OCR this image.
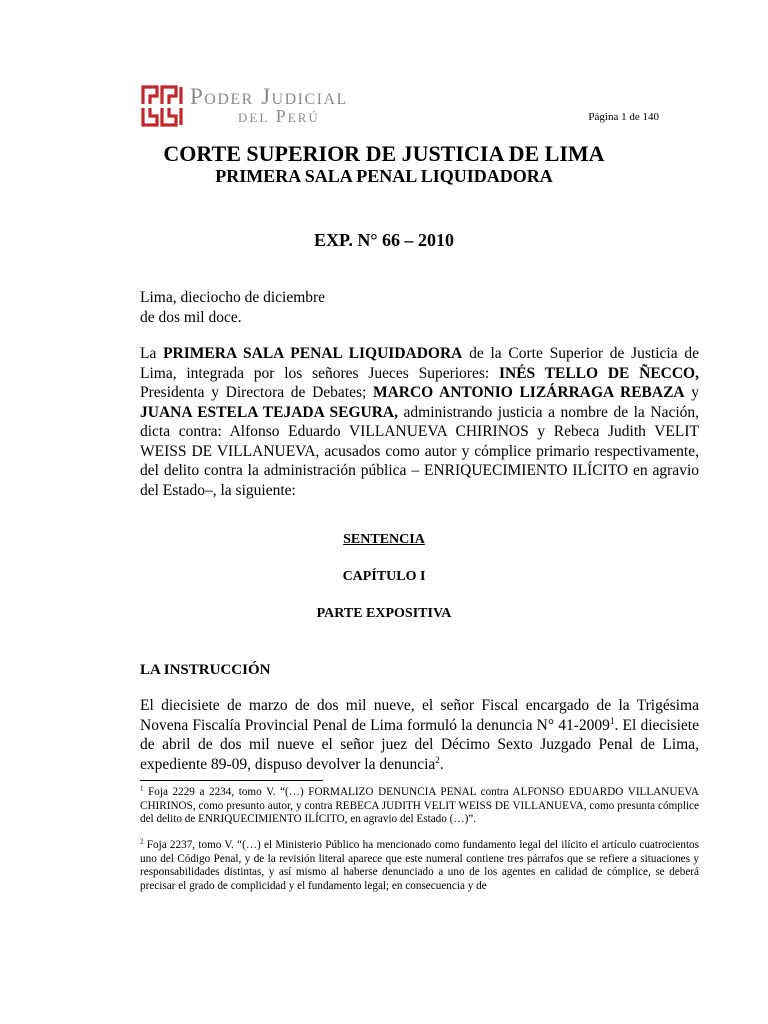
Poder Judicial
del Perú	Página 1 de 140
CORTE SUPERIOR DE JUSTICIA DE LIMA
PRIMERA SALA PENAL LIQUIDADORA
EXP. N° 66 – 2010
Lima, dieciocho de diciembre
de dos mil doce.
La PRIMERA SALA PENAL LIQUIDADORA de la Corte Superior de Justicia de Lima, integrada por los señores Jueces Superiores: INÉS TELLO DE ÑECCO, Presidenta y Directora de Debates; MARCO ANTONIO LIZÁRRAGA REBAZA y JUANA ESTELA TEJADA SEGURA, administrando justicia a nombre de la Nación, dicta contra: Alfonso Eduardo VILLANUEVA CHIRINOS y Rebeca Judith VELIT WEISS DE VILLANUEVA, acusados como autor y cómplice primario respectivamente, del delito contra la administración pública – ENRIQUECIMIENTO ILÍCITO en agravio del Estado–, la siguiente:
SENTENCIA
CAPÍTULO I
PARTE EXPOSITIVA
LA INSTRUCCIÓN
El diecisiete de marzo de dos mil nueve, el señor Fiscal encargado de la Trigésima Novena Fiscalía Provincial Penal de Lima formuló la denuncia N° 41-2009$^1$. El diecisiete de abril de dos mil nueve el señor juez del Décimo Sexto Juzgado Penal de Lima, expediente 89-09, dispuso devolver la denuncia$^2$.
$^1$ Foja 2229 a 2234, tomo V. “(…) FORMALIZO DENUNCIA PENAL contra ALFONSO EDUARDO VILLANUEVA CHIRINOS, como presunto autor, y contra REBECA JUDITH VELIT WEISS DE VILLANUEVA, como presunta cómplice del delito de ENRIQUECIMIENTO ILÍCITO, en agravio del Estado (…)”.
$^2$ Foja 2237, tomo V. “(…) el Ministerio Público ha mencionado como fundamento legal del ilícito el artículo cuatrocientos uno del Código Penal, y de la revisión literal aparece que este numeral contiene tres párrafos que se refiere a situaciones y responsabilidades distintas, y así mismo al haberse denunciado a uno de los agentes en calidad de cómplice, se deberá precisar el grado de complicidad y el fundamento legal; en consecuencia y de
